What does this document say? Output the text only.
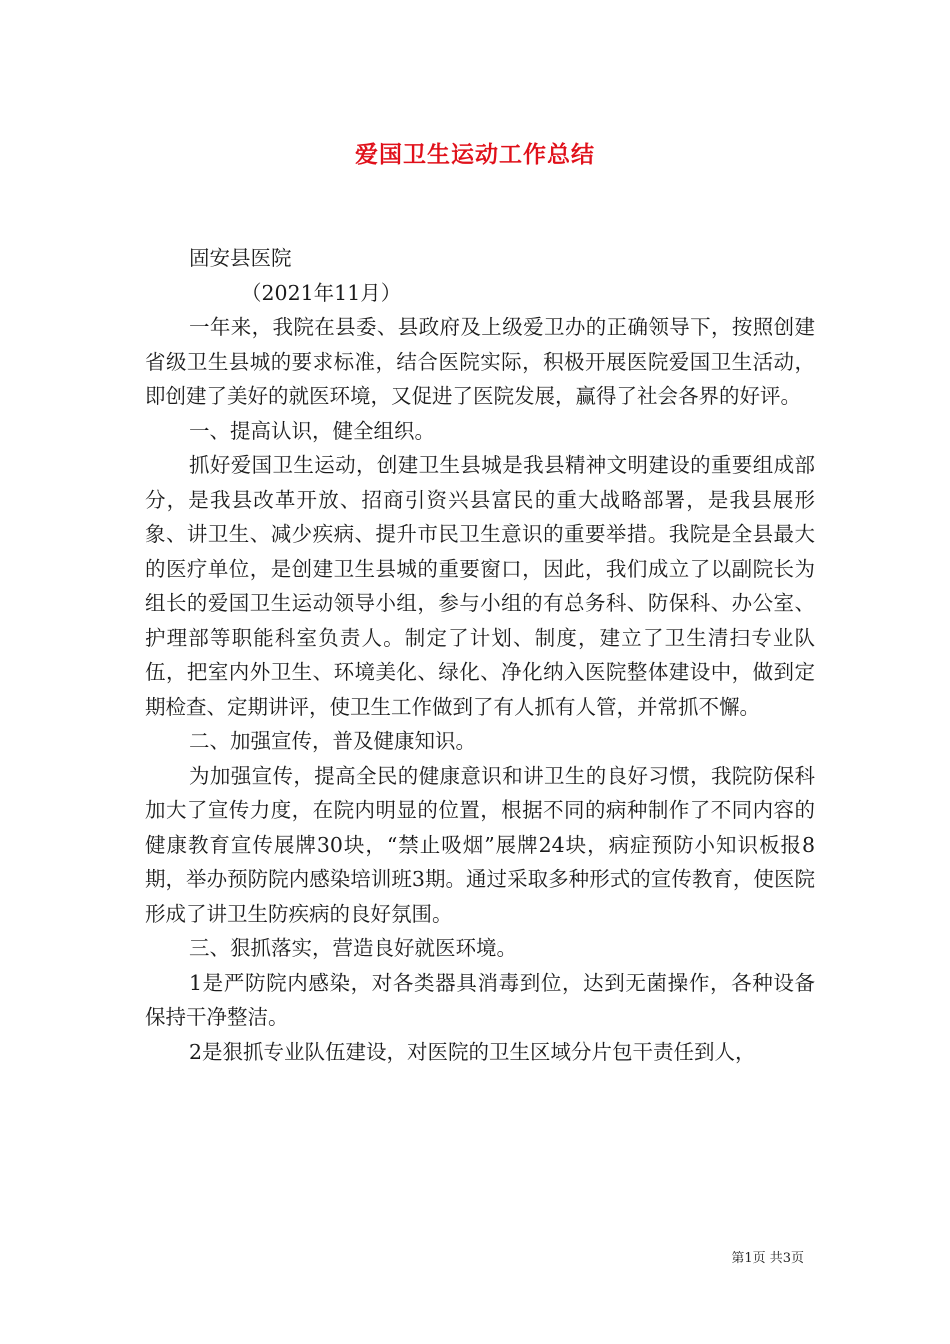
爱国卫生运动工作总结

固安县医院

（2021年11月）

一年来，我院在县委、县政府及上级爱卫办的正确领导下，按照创建省级卫生县城的要求标准，结合医院实际，积极开展医院爱国卫生活动，即创建了美好的就医环境，又促进了医院发展，赢得了社会各界的好评。

一、提高认识，健全组织。

抓好爱国卫生运动，创建卫生县城是我县精神文明建设的重要组成部分，是我县改革开放、招商引资兴县富民的重大战略部署，是我县展形象、讲卫生、减少疾病、提升市民卫生意识的重要举措。我院是全县最大的医疗单位，是创建卫生县城的重要窗口，因此，我们成立了以副院长为组长的爱国卫生运动领导小组，参与小组的有总务科、防保科、办公室、护理部等职能科室负责人。制定了计划、制度，建立了卫生清扫专业队伍，把室内外卫生、环境美化、绿化、净化纳入医院整体建设中，做到定期检查、定期讲评，使卫生工作做到了有人抓有人管，并常抓不懈。

二、加强宣传，普及健康知识。

为加强宣传，提高全民的健康意识和讲卫生的良好习惯，我院防保科加大了宣传力度，在院内明显的位置，根据不同的病种制作了不同内容的健康教育宣传展牌30块，“禁止吸烟”展牌24块，病症预防小知识板报8期，举办预防院内感染培训班3期。通过采取多种形式的宣传教育，使医院形成了讲卫生防疾病的良好氛围。

三、狠抓落实，营造良好就医环境。

1是严防院内感染，对各类器具消毒到位，达到无菌操作，各种设备保持干净整洁。

2是狠抓专业队伍建设，对医院的卫生区域分片包干责任到人，

第1页 共3页
